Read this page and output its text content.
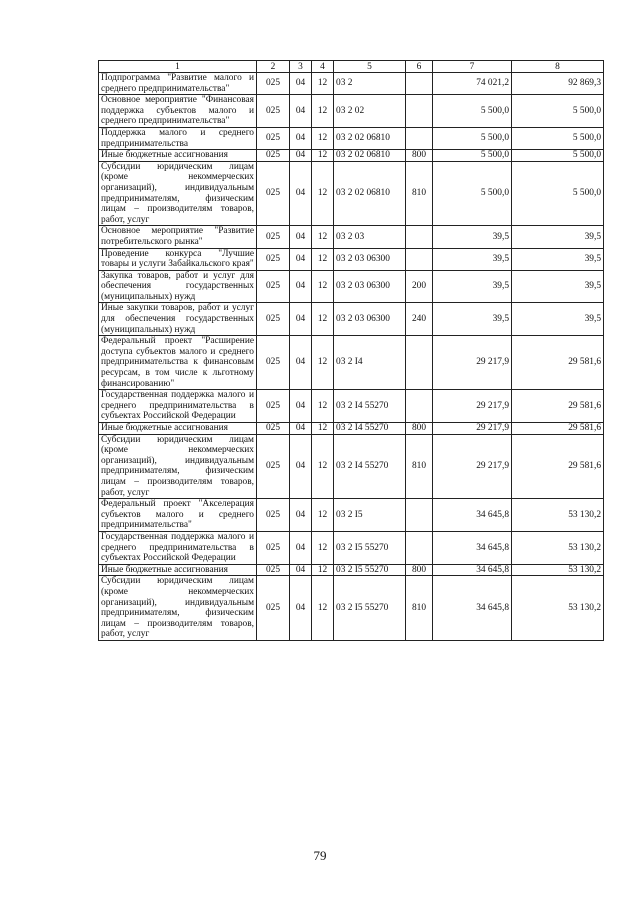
1	2	3	4	5	6	7	8
Подпрограмма "Развитие малого и среднего предпринимательства"	025	04	12	03 2		74 021,2	92 869,3
Основное мероприятие "Финансовая поддержка субъектов малого и среднего предпринимательства"	025	04	12	03 2 02		5 500,0	5 500,0
Поддержка малого и среднего предпринимательства	025	04	12	03 2 02 06810		5 500,0	5 500,0
Иные бюджетные ассигнования	025	04	12	03 2 02 06810	800	5 500,0	5 500,0
Субсидии юридическим лицам (кроме некоммерческих организаций), индивидуальным предпринимателям, физическим лицам – производителям товаров, работ, услуг	025	04	12	03 2 02 06810	810	5 500,0	5 500,0
Основное мероприятие "Развитие потребительского рынка"	025	04	12	03 2 03		39,5	39,5
Проведение конкурса "Лучшие товары и услуги Забайкальского края"	025	04	12	03 2 03 06300		39,5	39,5
Закупка товаров, работ и услуг для обеспечения государственных (муниципальных) нужд	025	04	12	03 2 03 06300	200	39,5	39,5
Иные закупки товаров, работ и услуг для обеспечения государственных (муниципальных) нужд	025	04	12	03 2 03 06300	240	39,5	39,5
Федеральный проект "Расширение доступа субъектов малого и среднего предпринимательства к финансовым ресурсам, в том числе к льготному финансированию"	025	04	12	03 2 I4		29 217,9	29 581,6
Государственная поддержка малого и среднего предпринимательства в субъектах Российской Федерации	025	04	12	03 2 I4 55270		29 217,9	29 581,6
Иные бюджетные ассигнования	025	04	12	03 2 I4 55270	800	29 217,9	29 581,6
Субсидии юридическим лицам (кроме некоммерческих организаций), индивидуальным предпринимателям, физическим лицам – производителям товаров, работ, услуг	025	04	12	03 2 I4 55270	810	29 217,9	29 581,6
Федеральный проект "Акселерация субъектов малого и среднего предпринимательства"	025	04	12	03 2 I5		34 645,8	53 130,2
Государственная поддержка малого и среднего предпринимательства в субъектах Российской Федерации	025	04	12	03 2 I5 55270		34 645,8	53 130,2
Иные бюджетные ассигнования	025	04	12	03 2 I5 55270	800	34 645,8	53 130,2
Субсидии юридическим лицам (кроме некоммерческих организаций), индивидуальным предпринимателям, физическим лицам – производителям товаров, работ, услуг	025	04	12	03 2 I5 55270	810	34 645,8	53 130,2
79
